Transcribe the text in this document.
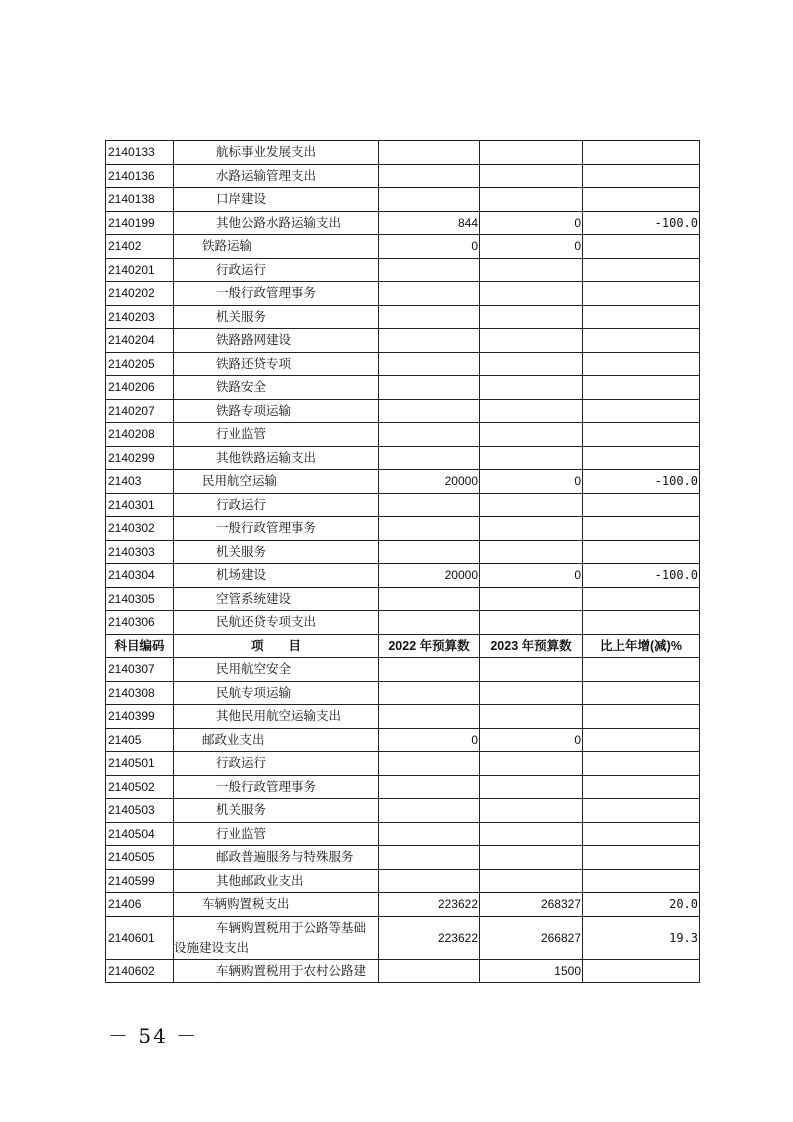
2140133	航标事业发展支出			
2140136	水路运输管理支出			
2140138	口岸建设			
2140199	其他公路水路运输支出	844	0	-100.0
21402	铁路运输	0	0	
2140201	行政运行			
2140202	一般行政管理事务			
2140203	机关服务			
2140204	铁路路网建设			
2140205	铁路还贷专项			
2140206	铁路安全			
2140207	铁路专项运输			
2140208	行业监管			
2140299	其他铁路运输支出			
21403	民用航空运输	20000	0	-100.0
2140301	行政运行			
2140302	一般行政管理事务			
2140303	机关服务			
2140304	机场建设	20000	0	-100.0
2140305	空管系统建设			
2140306	民航还贷专项支出			
科目编码	项　　目	2022 年预算数	2023 年预算数	比上年增(减)%
2140307	民用航空安全			
2140308	民航专项运输			
2140399	其他民用航空运输支出			
21405	邮政业支出	0	0	
2140501	行政运行			
2140502	一般行政管理事务			
2140503	机关服务			
2140504	行业监管			
2140505	邮政普遍服务与特殊服务			
2140599	其他邮政业支出			
21406	车辆购置税支出	223622	268327	20.0
2140601	车辆购置税用于公路等基础设施建设支出	223622	266827	19.3
2140602	车辆购置税用于农村公路建		1500	
－ 54 －
